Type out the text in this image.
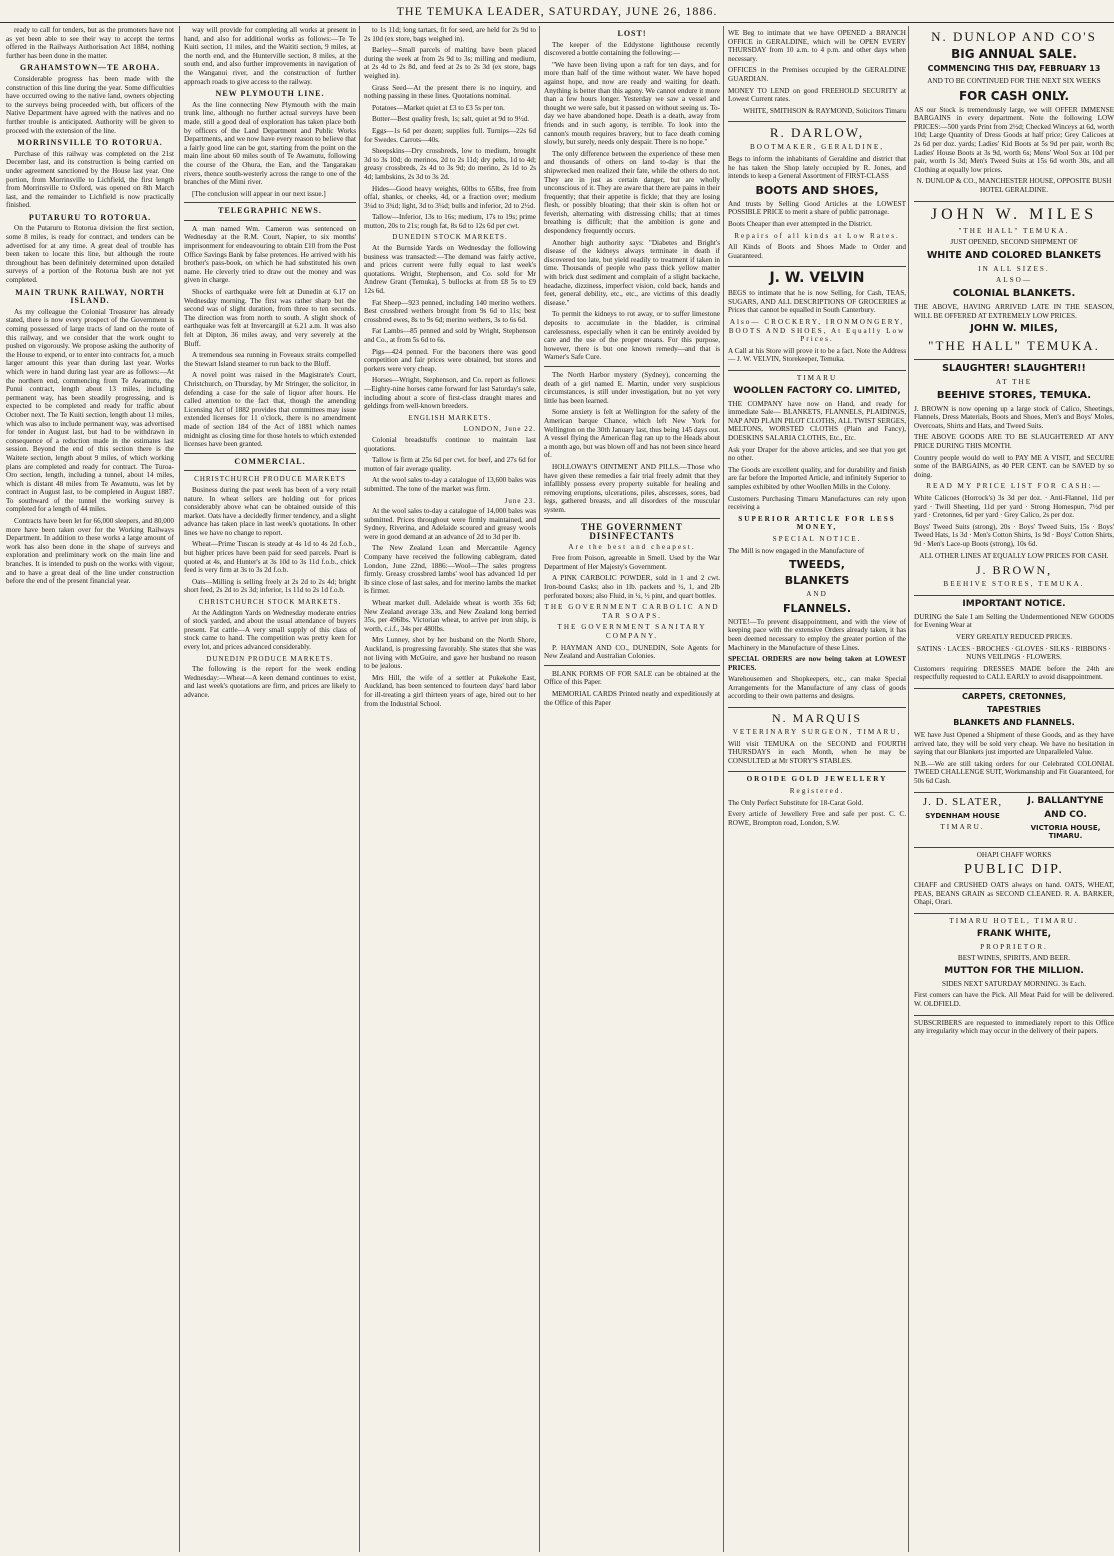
THE TEMUKA LEADER, SATURDAY, JUNE 26, 1886.

ready to call for tenders, but as the promoters have not as yet been able to see their way to accept the terms offered in the Railways Authorisation Act 1884, nothing further has been done in the matter.

GRAHAMSTOWN—TE AROHA.

Considerable progress has been made with the construction of this line during the year. Some difficulties have occurred owing to the native land, owners objecting to the surveys being proceeded with, but officers of the Native Department have agreed with the natives and no further trouble is anticipated. Authority will be given to proceed with the extension of the line.

MORRINSVILLE TO ROTORUA.

Purchase of this railway was completed on the 21st December last, and its construction is being carried on under agreement sanctioned by the House last year. One portion, from Morrinsville to Lichfield, the first length from Morrinsville to Oxford, was opened on 8th March last, and the remainder to Lichfield is now practically finished.

PUTARURU TO ROTORUA.

On the Putaruru to Rotorua division the first section, some 8 miles, is ready for contract, and tenders can be advertised for at any time. A great deal of trouble has been taken to locate this line, but although the route throughout has been definitely determined upon detailed surveys of a portion of the Rotorua bush are not yet completed.

MAIN TRUNK RAILWAY, NORTH ISLAND.

As my colleague the Colonial Treasurer has already stated, there is now every prospect of the Government is coming possessed of large tracts of land on the route of this railway, and we consider that the work ought to pushed on vigorously. We propose asking the authority of the House to expend, or to enter into contracts for, a much larger amount this year than during last year. Works which were in hand during last year are as follows:—At the northern end, commencing from Te Awamutu, the Punui contract, length about 13 miles, including permanent way, has been steadily progressing, and is expected to be completed and ready for traffic about October next. The Te Kuiti section, length about 11 miles, which was also to include permanent way, was advertised for tender in August last, but had to be withdrawn in consequence of a reduction made in the estimates last session. Beyond the end of this section there is the Waitete section, length about 9 miles, of which working plans are completed and ready for contract. The Turoa-Oro section, length, including a tunnel, about 14 miles, which is distant 48 miles from Te Awamutu, was let by contract in August last, to be completed in August 1887. To southward of the tunnel the working survey is completed for a length of 44 miles.

Contracts have been let for 66,000 sleepers, and 80,000 more have been taken over for the Working Railways Department. In addition to these works a large amount of work has also been done in the shape of surveys and exploration and preliminary work on the main line and branches. It is intended to push on the works with vigour, and to have a great deal of the line under construction before the end of the present financial year.

way will provide for completing all works at present in hand, and also for additional works as follows:—Te Te Kuiti section, 11 miles, and the Waititi section, 9 miles, at the north end, and the Hunterville section, 8 miles, at the south end, and also further improvements in navigation of the Wanganui river, and the construction of further approach roads to give access to the railway.

NEW PLYMOUTH LINE.

As the line connecting New Plymouth with the main trunk line, although no further actual surveys have been made, still a good deal of exploration has taken place both by officers of the Land Department and Public Works Departments, and we now have every reason to believe that a fairly good line can be got, starting from the point on the main line about 60 miles south of Te Awamutu, following the course of the Ohura, the Ean, and the Tangarakau rivers, thence south-westerly across the range to one of the branches of the Mimi river.

[The conclusion will appear in our next issue.]

TELEGRAPHIC NEWS.

A man named Wm. Cameron was sentenced on Wednesday at the R.M. Court, Napier, to six months' imprisonment for endeavouring to obtain £10 from the Post Office Savings Bank by false pretences. He arrived with his brother's pass-book, on which he had substituted his own name. He cleverly tried to draw out the money and was given in charge.

Shocks of earthquake were felt at Dunedin at 6.17 on Wednesday morning. The first was rather sharp but the second was of slight duration, from three to ten seconds. The direction was from north to south. A slight shock of earthquake was felt at Invercargill at 6.21 a.m. It was also felt at Dipton, 36 miles away, and very severely at the Bluff.

A tremendous sea running in Foveaux straits compelled the Stewart Island steamer to run back to the Bluff.

A novel point was raised in the Magistrate's Court, Christchurch, on Thursday, by Mr Stringer, the solicitor, in defending a case for the sale of liquor after hours. He called attention to the fact that, though the amending Licensing Act of 1882 provides that committees may issue extended licenses for 11 o'clock, there is no amendment made of section 184 of the Act of 1881 which names midnight as closing time for those hotels to which extended licenses have been granted.

COMMERCIAL.
CHRISTCHURCH PRODUCE MARKETS

Business during the past week has been of a very retail nature. In wheat sellers are holding out for prices considerably above what can be obtained outside of this market. Oats have a decidedly firmer tendency, and a slight advance has taken place in last week's quotations. In other lines we have no change to report.

Wheat—Prime Tuscan is steady at 4s 1d to 4s 2d f.o.b., but higher prices have been paid for seed parcels. Pearl is quoted at 4s, and Hunter's at 3s 10d to 3s 11d f.o.b., chick feed is very firm at 3s to 3s 2d f.o.b.

Oats—Milling is selling freely at 2s 2d to 2s 4d; bright short feed, 2s 2d to 2s 3d; inferior, 1s 11d to 2s 1d f.o.b.

CHRISTCHURCH STOCK MARKETS.

At the Addington Yards on Wednesday moderate entries of stock yarded, and about the usual attendance of buyers present. Fat cattle—A very small supply of this class of stock came to hand. The competition was pretty keen for every lot, and prices advanced considerably.

DUNEDIN PRODUCE MARKETS.

The following is the report for the week ending Wednesday:—Wheat—A keen demand continues to exist, and last week's quotations are firm, and prices are likely to advance.

to 1s 11d; long tartars, fit for seed, are held for 2s 9d to 2s 10d (ex store, bags weighed in).

Barley—Small parcels of malting have been placed during the week at from 2s 9d to 3s; milling and medium, at 2s 4d to 2s 8d, and feed at 2s to 2s 3d (ex store, bags weighed in).

Grass Seed—At the present there is no inquiry, and nothing passing in these lines. Quotations nominal.

Potatoes—Market quiet at £3 to £3 5s per ton.

Butter—Best quality fresh, 1s; salt, quiet at 9d to 9½d.

Eggs—1s 6d per dozen; supplies full. Turnips—22s 6d for Swedes. Carrots—40s.

Sheepskins—Dry crossbreds, low to medium, brought 3d to 3s 10d; do merinos, 2d to 2s 11d; dry pelts, 1d to 4d; greasy crossbreds, 2s 4d to 3s 9d; do merino, 2s 1d to 2s 4d; lambskins, 2s 3d to 3s 2d.

Hides—Good heavy weights, 60lbs to 65lbs, free from offal, shanks, or cheeks, 4d, or a fraction over; medium 3¼d to 3¾d; light, 3d to 3¼d; bulls and inferior, 2d to 2½d.

Tallow—Inferior, 13s to 16s; medium, 17s to 19s; prime mutton, 20s to 21s; rough fat, 8s 6d to 12s 6d per cwt.

DUNEDIN STOCK MARKETS.

At the Burnside Yards on Wednesday the following business was transacted:—The demand was fairly active, and prices current were fully equal to last week's quotations. Wright, Stephenson, and Co. sold for Mr Andrew Grant (Temuka), 5 bullocks at from £8 5s to £9 12s 6d.

Fat Sheep—923 penned, including 140 merino wethers. Best crossbred wethers brought from 9s 6d to 11s; best crossbred ewes, 8s to 9s 6d; merino wethers, 3s to 6s 6d.

Fat Lambs—85 penned and sold by Wright, Stephenson and Co., at from 5s 6d to 6s.

Pigs—424 penned. For the baconers there was good competition and fair prices were obtained, but stores and porkers were very cheap.

Horses—Wright, Stephenson, and Co. report as follows:—Eighty-nine horses came forward for last Saturday's sale, including about a score of first-class draught mares and geldings from well-known breeders.

ENGLISH MARKETS.
LONDON, June 22.

Colonial breadstuffs continue to maintain last quotations.

Tallow is firm at 25s 6d per cwt. for beef, and 27s 6d for mutton of fair average quality.

At the wool sales to-day a catalogue of 13,600 bales was submitted. The tone of the market was firm.

June 23.

At the wool sales to-day a catalogue of 14,000 bales was submitted. Prices throughout were firmly maintained, and Sydney, Riverina, and Adelaide scoured and greasy wools were in good demand at an advance of 2d to 3d per lb.

The New Zealand Loan and Mercantile Agency Company have received the following cablegram, dated London, June 22nd, 1886:—Wool—The sales progress firmly. Greasy crossbred lambs' wool has advanced 1d per lb since close of last sales, and for merino lambs the market is firmer.

Wheat market dull. Adelaide wheat is worth 35s 6d; New Zealand average 33s, and New Zealand long berried 35s, per 496lbs. Victorian wheat, to arrive per iron ship, is worth, c.i.f., 34s per 480lbs.

Mrs Lunney, shot by her husband on the North Shore, Auckland, is progressing favorably. She states that she was not living with McGuire, and gave her husband no reason to be jealous.

Mrs Hill, the wife of a settler at Pukekohe East, Auckland, has been sentenced to fourteen days' hard labor for ill-treating a girl thirteen years of age, hired out to her from the Industrial School.

LOST!

The keeper of the Eddystone lighthouse recently discovered a bottle containing the following:—

"We have been living upon a raft for ten days, and for more than half of the time without water. We have hoped against hope, and now are ready and waiting for death. Anything is better than this agony. We cannot endure it more than a few hours longer. Yesterday we saw a vessel and thought we were safe, but it passed on without seeing us. To-day we have abandoned hope. Death is a death, away from friends and in such agony, is terrible. To look into the cannon's mouth requires bravery, but to face death coming slowly, but surely, needs only despair. There is no hope."

The only difference between the experience of these men and thousands of others on land to-day is that the shipwrecked men realized their fate, while the others do not. They are in just as certain danger, but are wholly unconscious of it. They are aware that there are pains in their frequently; that their appetite is fickle; that they are losing flesh, or possibly bloating; that their skin is often hot or feverish, alternating with distressing chills; that at times breathing is difficult; that the ambition is gone and despondency frequently occurs.

Another high authority says: "Diabetes and Bright's disease of the kidneys always terminate in death if discovered too late, but yield readily to treatment if taken in time. Thousands of people who pass thick yellow matter with brick dust sediment and complain of a slight backache, headache, dizziness, imperfect vision, cold back, hands and feet, general debility, etc., etc., are victims of this deadly disease."

To permit the kidneys to rot away, or to suffer limestone deposits to accumulate in the bladder, is criminal carelessness, especially when it can be entirely avoided by care and the use of the proper means. For this purpose, however, there is but one known remedy—and that is Warner's Safe Cure.

The North Harbor mystery (Sydney), concerning the death of a girl named E. Martin, under very suspicious circumstances, is still under investigation, but no yet very little has been learned.

Some anxiety is felt at Wellington for the safety of the American barque Chance, which left New York for Wellington on the 30th January last, thus being 145 days out. A vessel flying the American flag ran up to the Heads about a month ago, but was blown off and has not been since heard of.

HOLLOWAY'S OINTMENT AND PILLS.—Those who have given these remedies a fair trial freely admit that they infallibly possess every property suitable for healing and removing eruptions, ulcerations, piles, abscesses, sores, bad legs, gathered breasts, and all disorders of the muscular system.

THE GOVERNMENT DISINFECTANTS

Are the best and cheapest.

Free from Poison, agreeable in Smell. Used by the War Department of Her Majesty's Government.

A PINK CARBOLIC POWDER, sold in 1 and 2 cwt. Iron-bound Casks; also in 1lb. packets and ½, 1, and 2lb perforated boxes; also Fluid, in ¼, ½ pint, and quart bottles.

THE GOVERNMENT CARBOLIC AND TAR SOAPS.

THE GOVERNMENT SANITARY COMPANY.

P. HAYMAN AND CO., DUNEDIN, Sole Agents for New Zealand and Australian Colonies.

BLANK FORMS OF FOR SALE can be obtained at the Office of this Paper.

MEMORIAL CARDS Printed neatly and expeditiously at the Office of this Paper

WE Beg to intimate that we have OPENED a BRANCH OFFICE in GERALDINE, which will be OPEN EVERY THURSDAY from 10 a.m. to 4 p.m. and other days when necessary.

OFFICES in the Premises occupied by the GERALDINE GUARDIAN.

MONEY TO LEND on good FREEHOLD SECURITY at Lowest Current rates.

WHITE, SMITHSON & RAYMOND, Solicitors Timaru

R. DARLOW,

BOOTMAKER, GERALDINE,

Begs to inform the inhabitants of Geraldine and district that he has taken the Shop lately occupied by R. Jones, and intends to keep a General Assortment of FIRST-CLASS

BOOTS AND SHOES,

And trusts by Selling Good Articles at the LOWEST POSSIBLE PRICE to merit a share of public patronage.

Boots Cheaper than ever attempted in the District.

Repairs of all kinds at Low Rates.

All Kinds of Boots and Shoes Made to Order and Guaranteed.

J. W. VELVIN

BEGS to intimate that he is now Selling, for Cash, TEAS, SUGARS, AND ALL DESCRIPTIONS OF GROCERIES at Prices that cannot be equalled in South Canterbury.

Also— CROCKERY, IRONMONGERY, BOOTS AND SHOES, At Equally Low Prices.

A Call at his Store will prove it to be a fact. Note the Address— J. W. VELVIN, Storekeeper, Temuka.

TIMARU

WOOLLEN FACTORY CO. LIMITED,

THE COMPANY have now on Hand, and ready for immediate Sale— BLANKETS, FLANNELS, PLAIDINGS, NAP AND PLAIN PILOT CLOTHS, ALL TWIST SERGES, MELTONS, WORSTED CLOTHS (Plain and Fancy), DOESKINS SALARIA CLOTHS, Etc., Etc.

Ask your Draper for the above articles, and see that you get no other.

The Goods are excellent quality, and for durability and finish are far before the Imported Article, and infinitely Superior to samples exhibited by other Woollen Mills in the Colony.

Customers Purchasing Timaru Manufactures can rely upon receiving a

SUPERIOR ARTICLE FOR LESS MONEY,

SPECIAL NOTICE.

The Mill is now engaged in the Manufacture of

TWEEDS,

BLANKETS

AND

FLANNELS.

NOTE!—To prevent disappointment, and with the view of keeping pace with the extensive Orders already taken, it has been deemed necessary to employ the greater portion of the Machinery in the Manufacture of these Lines.

SPECIAL ORDERS are now being taken at LOWEST PRICES.

Warehousemen and Shopkeepers, etc., can make Special Arrangements for the Manufacture of any class of goods according to their own patterns and designs.

N. MARQUIS

VETERINARY SURGEON, TIMARU,

Will visit TEMUKA on the SECOND and FOURTH THURSDAYS in each Month, when he may be CONSULTED at Mr STORY'S STABLES.

OROIDE GOLD JEWELLERY

Registered.

The Only Perfect Substitute for 18-Carat Gold.

Every article of Jewellery Free and safe per post. C. C. ROWE, Brompton road, London, S.W.

N. DUNLOP AND CO'S

BIG ANNUAL SALE.

COMMENCING THIS DAY, FEBRUARY 13

AND TO BE CONTINUED FOR THE NEXT SIX WEEKS

FOR CASH ONLY.

AS our Stock is tremendously large, we will OFFER IMMENSE BARGAINS in every department. Note the following LOW PRICES:—500 yards Print from 2½d; Checked Winceys at 6d, worth 10d; Large Quantity of Dress Goods at half price; Grey Calicoes at 2s 6d per doz. yards; Ladies' Kid Boots at 5s 9d per pair, worth 8s; Ladies' House Boots at 3s 9d, worth 6s; Mens' Wool Sox at 10d per pair, worth 1s 3d; Men's Tweed Suits at 15s 6d worth 30s, and all Clothing at equally low prices.

N. DUNLOP & CO., MANCHESTER HOUSE, OPPOSITE BUSH HOTEL GERALDINE.

JOHN W. MILES

"THE HALL" TEMUKA.

JUST OPENED, SECOND SHIPMENT OF

WHITE AND COLORED BLANKETS

IN ALL SIZES.

ALSO—

COLONIAL BLANKETS.

THE ABOVE, HAVING ARRIVED LATE IN THE SEASON, WILL BE OFFERED AT EXTREMELY LOW PRICES.

JOHN W. MILES,

"THE HALL" TEMUKA.

SLAUGHTER! SLAUGHTER!!

AT THE

BEEHIVE STORES, TEMUKA.

J. BROWN is now opening up a large stock of Calico, Sheetings, Flannels, Dress Materials, Boots and Shoes, Men's and Boys' Moles, Overcoats, Shirts and Hats, and Tweed Suits.

THE ABOVE GOODS ARE TO BE SLAUGHTERED AT ANY PRICE DURING THIS MONTH.

Country people would do well to PAY ME A VISIT, and SECURE some of the BARGAINS, as 40 PER CENT. can be SAVED by so doing.

READ MY PRICE LIST FOR CASH:—

White Calicoes (Horrock's) 3s 3d per doz. · Anti-Flannel, 11d per yard · Twill Sheeting, 11d per yard · Strong Homespun, 7½d per yard · Cretonnes, 6d per yard · Grey Calico, 2s per doz.

Boys' Tweed Suits (strong), 20s · Boys' Tweed Suits, 15s · Boys' Tweed Hats, 1s 3d · Men's Cotton Shirts, 1s 9d · Boys' Cotton Shirts, 9d · Men's Lace-up Boots (strong), 10s 6d.

ALL OTHER LINES AT EQUALLY LOW PRICES FOR CASH.

J. BROWN,

BEEHIVE STORES, TEMUKA.

IMPORTANT NOTICE.

DURING the Sale I am Selling the Undermentioned NEW GOODS for Evening Wear at

VERY GREATLY REDUCED PRICES.

SATINS · LACES · BROCHES · GLOVES · SILKS · RIBBONS · NUNS VEILINGS · FLOWERS.

Customers requiring DRESSES MADE before the 24th are respectfully requested to CALL EARLY to avoid disappointment.

CARPETS, CRETONNES,

TAPESTRIES

BLANKETS AND FLANNELS.

WE have Just Opened a Shipment of these Goods, and as they have arrived late, they will be sold very cheap. We have no hesitation in saying that our Blankets just imported are Unparalleled Value.

N.B.—We are still taking orders for our Celebrated COLONIAL TWEED CHALLENGE SUIT, Workmanship and Fit Guaranteed, for 50s 6d Cash.

J. D. SLATER,

SYDENHAM HOUSE

TIMARU.

J. BALLANTYNE

AND CO.

VICTORIA HOUSE, TIMARU.

OHAPI CHAFF WORKS

PUBLIC DIP.

CHAFF and CRUSHED OATS always on hand. OATS, WHEAT, PEAS, BEANS GRAIN as SECOND CLEANED. R. A. BARKER, Ohapi, Orari.

TIMARU HOTEL, TIMARU.

FRANK WHITE,

PROPRIETOR.

BEST WINES, SPIRITS, AND BEER.

MUTTON FOR THE MILLION.

SIDES NEXT SATURDAY MORNING. 3s Each.

First comers can have the Pick. All Meat Paid for will be delivered. W. OLDFIELD.

SUBSCRIBERS are requested to immediately report to this Office any irregularity which may occur in the delivery of their papers.
